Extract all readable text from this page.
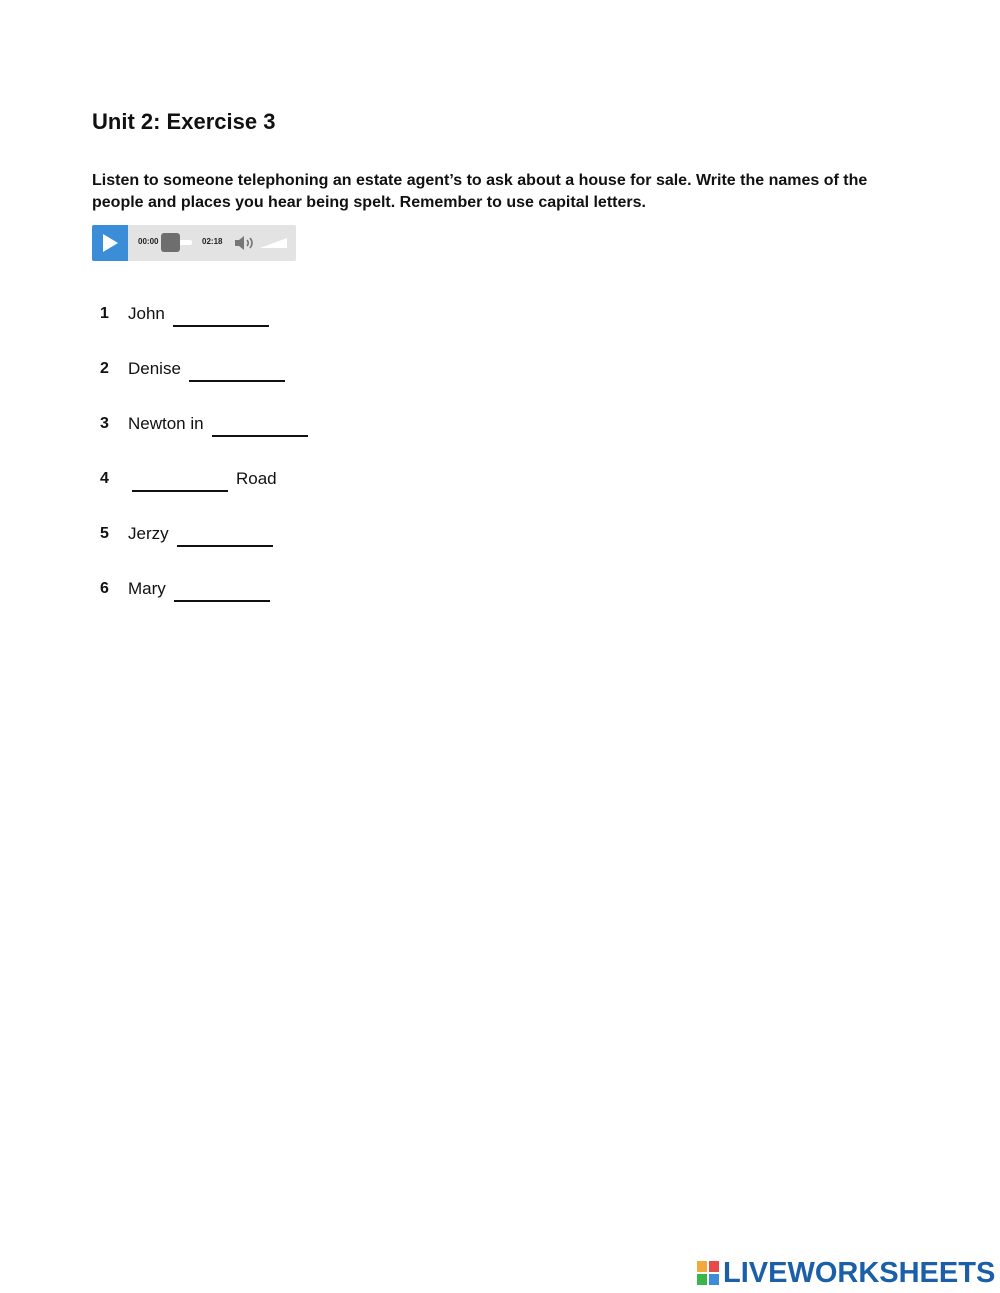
Unit 2: Exercise 3

Listen to someone telephoning an estate agent’s to ask about a house for sale. Write the names of the people and places you hear being spelt. Remember to use capital letters.

00:00	02:18
1	John
2	Denise
3	Newton in
4	Road
5	Jerzy
6	Mary
LIVEWORKSHEETS
